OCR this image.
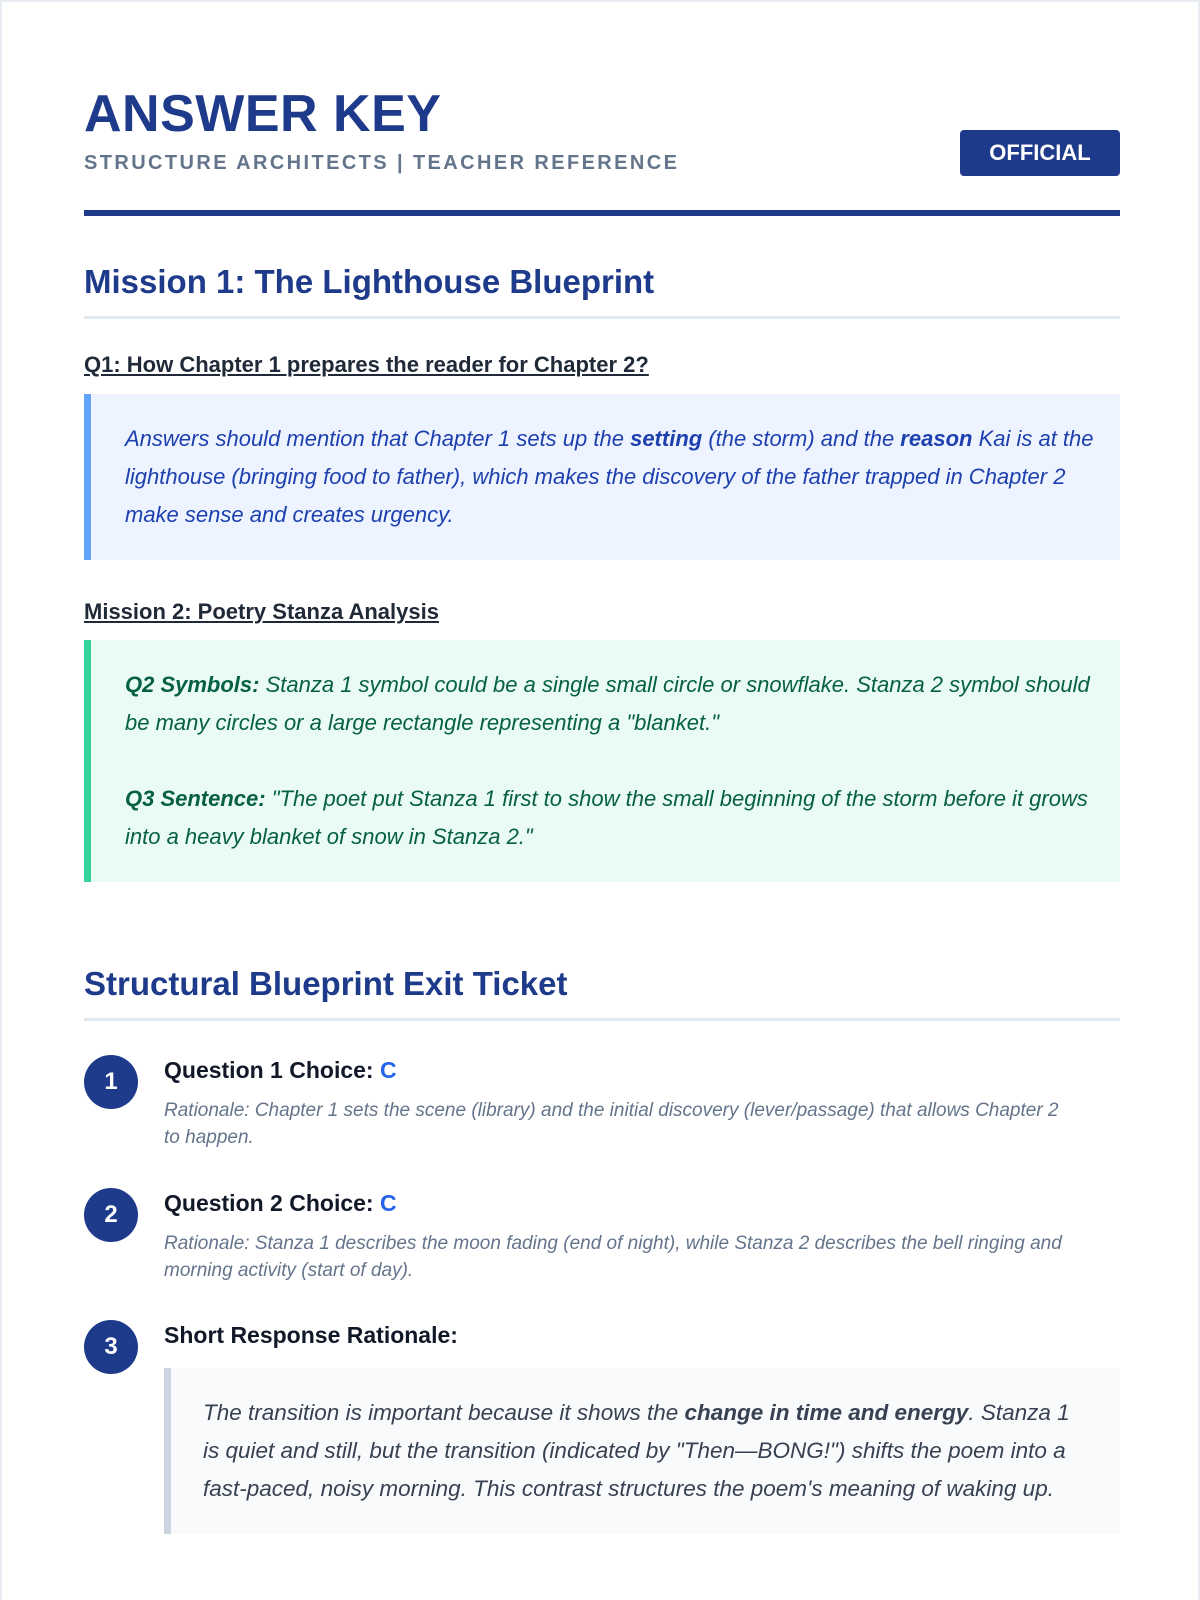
ANSWER KEY
STRUCTURE ARCHITECTS | TEACHER REFERENCE	OFFICIAL
Mission 1: The Lighthouse Blueprint
Q1: How Chapter 1 prepares the reader for Chapter 2?

Answers should mention that Chapter 1 sets up the setting (the storm) and the reason Kai is at the lighthouse (bringing food to father), which makes the discovery of the father trapped in Chapter 2 make sense and creates urgency.

Mission 2: Poetry Stanza Analysis

Q2 Symbols: Stanza 1 symbol could be a single small circle or snowflake. Stanza 2 symbol should be many circles or a large rectangle representing a "blanket."

Q3 Sentence: "The poet put Stanza 1 first to show the small beginning of the storm before it grows into a heavy blanket of snow in Stanza 2."

Structural Blueprint Exit Ticket
1	Question 1 Choice: C
Rationale: Chapter 1 sets the scene (library) and the initial discovery (lever/passage) that allows Chapter 2 to happen.
2	Question 2 Choice: C
Rationale: Stanza 1 describes the moon fading (end of night), while Stanza 2 describes the bell ringing and morning activity (start of day).
3	Short Response Rationale:
The transition is important because it shows the change in time and energy. Stanza 1 is quiet and still, but the transition (indicated by "Then—BONG!") shifts the poem into a fast-paced, noisy morning. This contrast structures the poem's meaning of waking up.
